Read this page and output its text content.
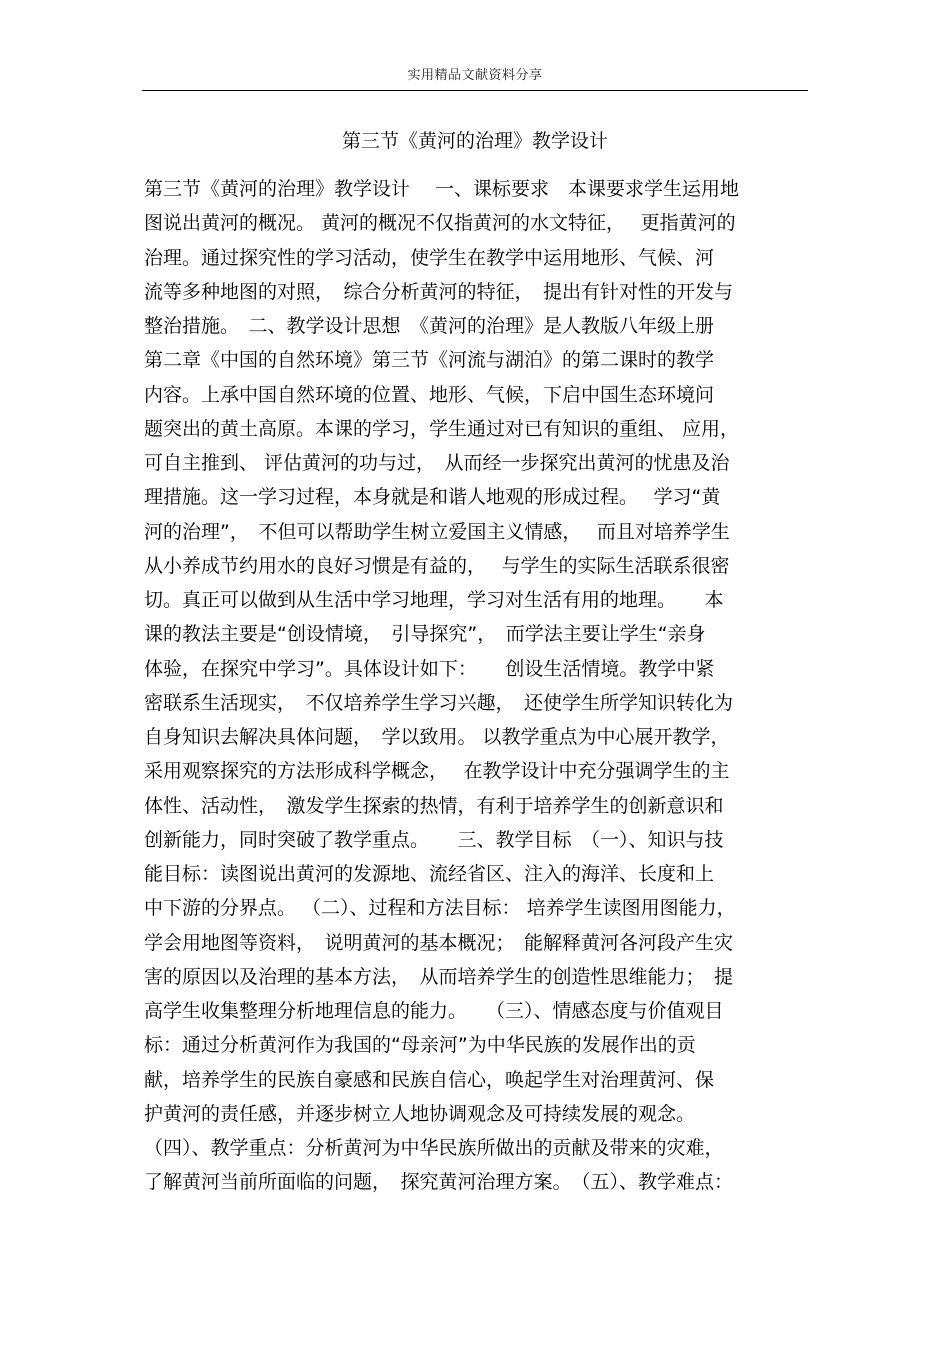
实用精品文献资料分享
第三节《黄河的治理》教学设计
第三节《黄河的治理》教学设计　 一、课标要求　本课要求学生运用地
图说出黄河的概况。 黄河的概况不仅指黄河的水文特征，　 更指黄河的
治理。通过探究性的学习活动，使学生在教学中运用地形、气候、河
流等多种地图的对照，　综合分析黄河的特征，　提出有针对性的开发与
整治措施。　二、教学设计思想　《黄河的治理》是人教版八年级上册
第二章《中国的自然环境》第三节《河流与湖泊》的第二课时的教学
内容。上承中国自然环境的位置、地形、气候，下启中国生态环境问
题突出的黄土高原。本课的学习，学生通过对已有知识的重组、 应用，
可自主推到、 评估黄河的功与过，　从而经一步探究出黄河的忧患及治
理措施。这一学习过程，本身就是和谐人地观的形成过程。　 学习“黄
河的治理”，　不但可以帮助学生树立爱国主义情感，　 而且对培养学生
从小养成节约用水的良好习惯是有益的，　 与学生的实际生活联系很密
切。真正可以做到从生活中学习地理，学习对生活有用的地理。　　本
课的教法主要是“创设情境，　引导探究”，　而学法主要让学生“亲身
体验，在探究中学习”。具体设计如下：　　创设生活情境。教学中紧
密联系生活现实，　不仅培养学生学习兴趣，　还使学生所学知识转化为
自身知识去解决具体问题，　学以致用。 以教学重点为中心展开教学，
采用观察探究的方法形成科学概念，　 在教学设计中充分强调学生的主
体性、活动性，　激发学生探索的热情，有利于培养学生的创新意识和
创新能力，同时突破了教学重点。　　三、教学目标　（一）、知识与技
能目标：读图说出黄河的发源地、流经省区、注入的海洋、长度和上
中下游的分界点。 （二）、过程和方法目标： 培养学生读图用图能力，
学会用地图等资料，　说明黄河的基本概况；　能解释黄河各河段产生灾
害的原因以及治理的基本方法，　从而培养学生的创造性思维能力；　提
高学生收集整理分析地理信息的能力。　　（三）、情感态度与价值观目
标：通过分析黄河作为我国的“母亲河”为中华民族的发展作出的贡
献，培养学生的民族自豪感和民族自信心，唤起学生对治理黄河、保
护黄河的责任感，并逐步树立人地协调观念及可持续发展的观念。
（四）、教学重点：分析黄河为中华民族所做出的贡献及带来的灾难，
了解黄河当前所面临的问题，　探究黄河治理方案。　（五）、教学难点：
